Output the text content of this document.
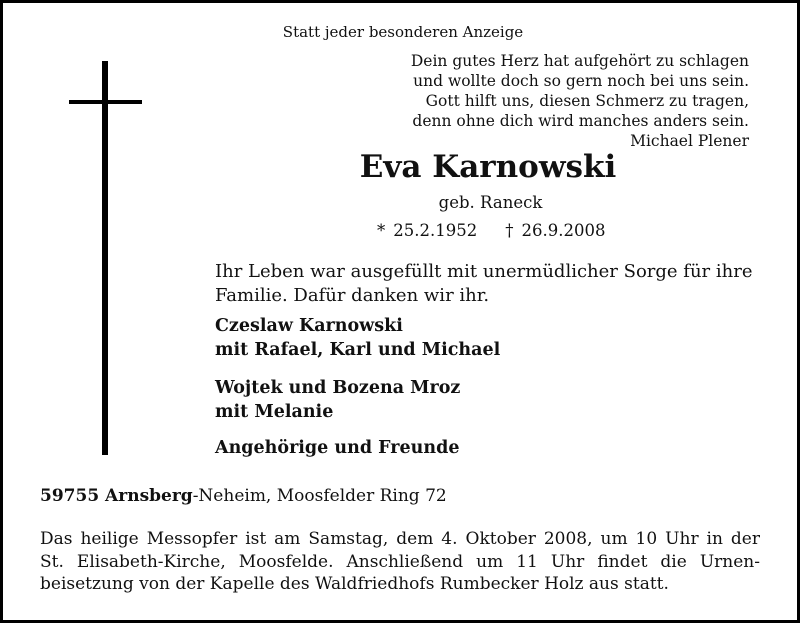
Statt jeder besonderen Anzeige
Dein gutes Herz hat aufgehört zu schlagen
und wollte doch so gern noch bei uns sein.
Gott hilft uns, diesen Schmerz zu tragen,
denn ohne dich wird manches anders sein.
Michael Plener
Eva Karnowski
geb. Raneck
* 25.2.1952 † 26.9.2008
Ihr Leben war ausgefüllt mit unermüdlicher Sorge für ihre
Familie. Dafür danken wir ihr.
Czeslaw Karnowski
mit Rafael, Karl und Michael
Wojtek und Bozena Mroz
mit Melanie
Angehörige und Freunde
59755 Arnsberg-Neheim, Moosfelder Ring 72
Das heilige Messopfer ist am Samstag, dem 4. Oktober 2008, um 10 Uhr in der
St. Elisabeth-Kirche, Moosfelde. Anschließend um 11 Uhr findet die Urnen-
beisetzung von der Kapelle des Waldfriedhofs Rumbecker Holz aus statt.
